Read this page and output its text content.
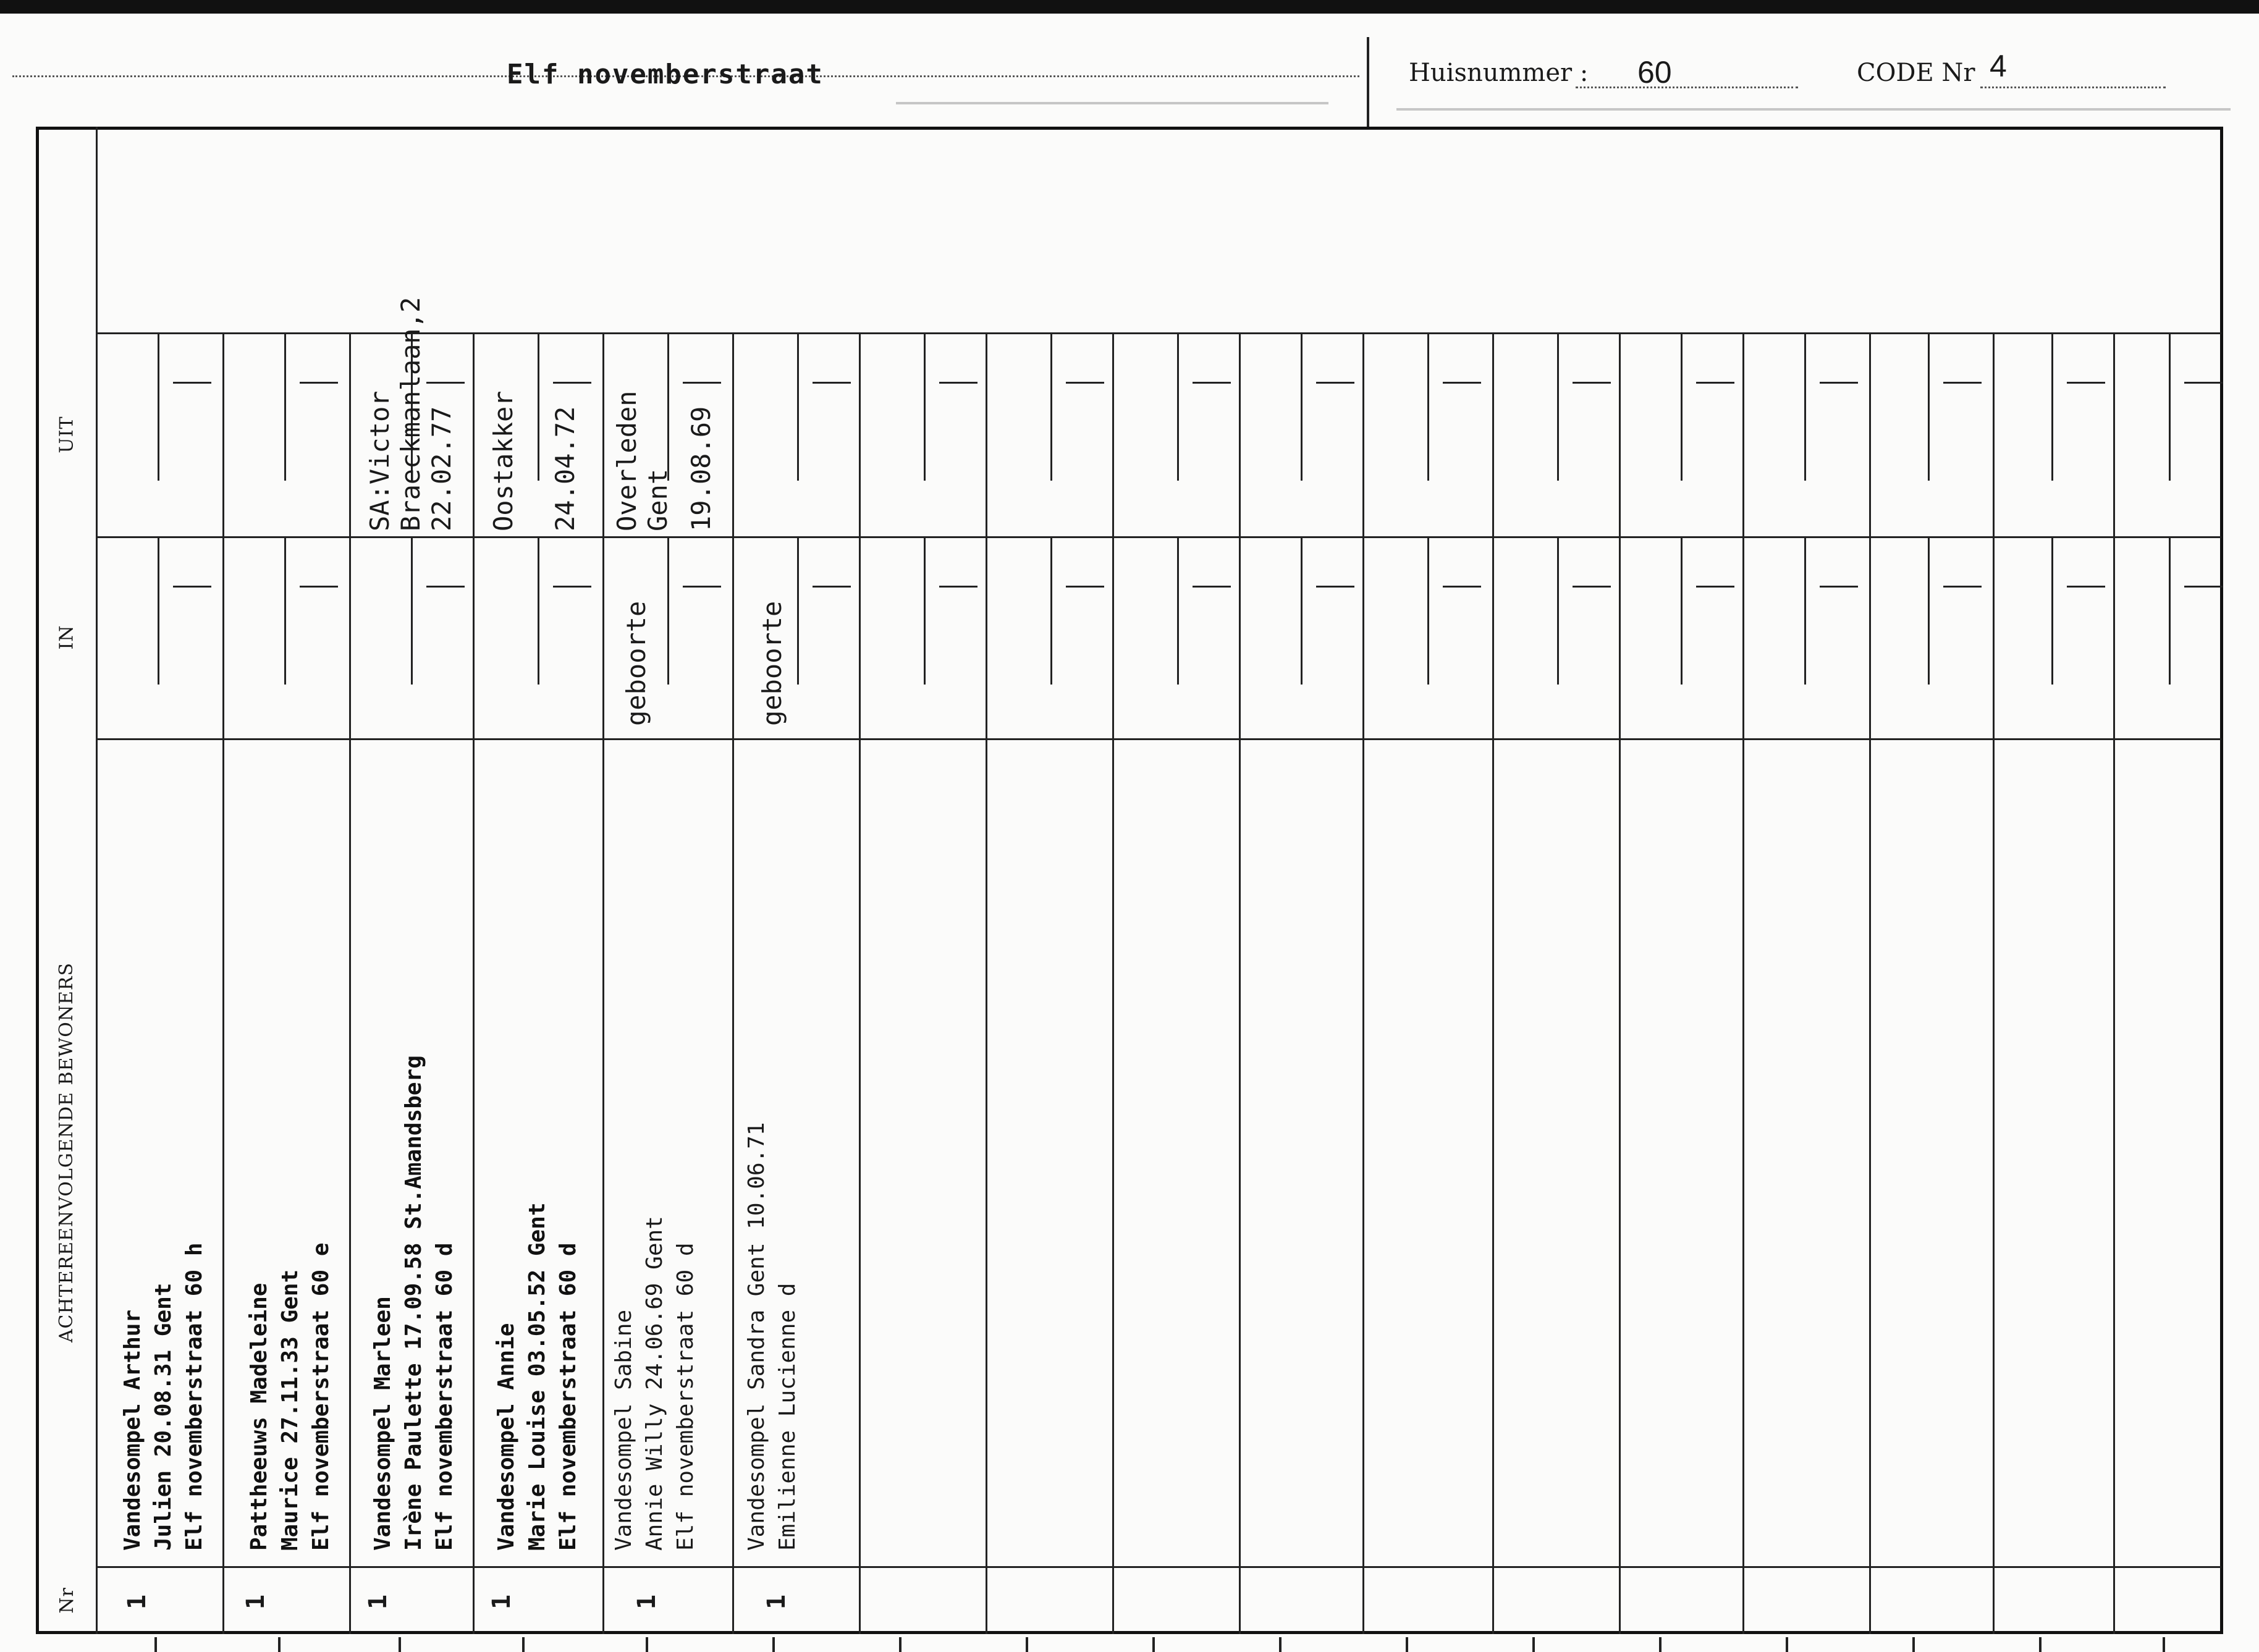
Elf novemberstraat	Huisnummer : 60	CODE Nr 4
UIT
IN
ACHTEREENVOLGENDE BEWONERS
Nr
Vandesompel Arthur Julien 20.08.31 Gent Elf novemberstraat 60 h
1
Pattheeuws Madeleine Maurice 27.11.33 Gent Elf novemberstraat 60 e
1
Vandesompel Marleen Irène Paulette 17.09.58 St.Amandsberg Elf novemberstraat 60 d
SA:Victor Braeckmanlaan,2 22.02.77
1
Vandesompel Annie Marie Louise 03.05.52 Gent Elf novemberstraat 60 d
Oostakker 24.04.72
1
Vandesompel Sabine Annie Willy 24.06.69 Gent Elf novemberstraat 60 d
geboorte
Overleden Gent 19.08.69
1
Vandesompel Sandra Gent 10.06.71 Emilienne Lucienne d
geboorte
1
